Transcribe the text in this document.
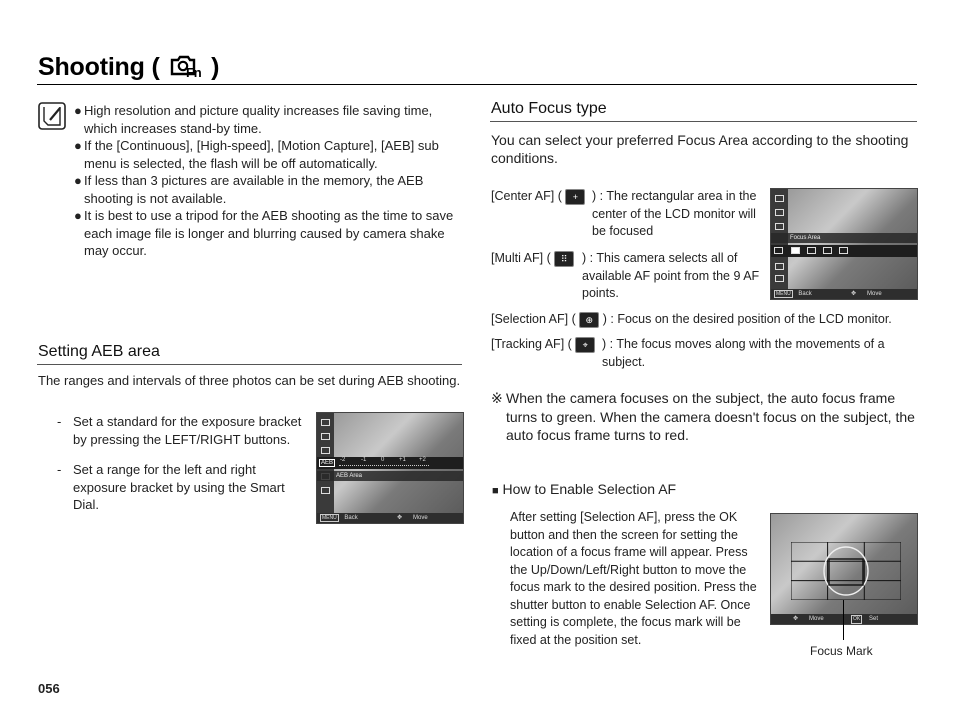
Shooting ( Fn )
● High resolution and picture quality increases file saving time, which increases stand-by time.
● If the [Continuous], [High-speed], [Motion Capture], [AEB] sub menu is selected, the flash will be off automatically.
● If less than 3 pictures are available in the memory, the AEB shooting is not available.
● It is best to use a tripod for the AEB shooting as the time to save each image file is longer and blurring caused by camera shake may occur.
Setting AEB area
The ranges and intervals of three photos can be set during AEB shooting.
- Set a standard for the exposure bracket by pressing the LEFT/RIGHT buttons.
- Set a range for the left and right exposure bracket by using the Smart Dial.
AEB	-2	-1 0 +1 +2
AEB Area
MENU Back	✥ Move
Auto Focus type
You can select your preferred Focus Area according to the shooting conditions.
[Center AF] (	+	) : The rectangular area in the center of the LCD monitor will be focused
[Multi AF] (	⠿	) : This camera selects all of available AF point from the 9 AF points.
Focus Area
MENU Back	✥ Move
[Selection AF] (	⊕ ) : Focus on the desired position of the LCD monitor.
[Tracking AF] (	⌖	) : The focus moves along with the movements of a subject.
※ When the camera focuses on the subject, the auto focus frame turns to green. When the camera doesn't focus on the subject, the auto focus frame turns to red.
■ How to Enable Selection AF
After setting [Selection AF], press the OK button and then the screen for setting the location of a focus frame will appear. Press the Up/Down/Left/Right button to move the focus mark to the desired position. Press the shutter button to enable Selection AF. Once setting is complete, the focus mark will be fixed at the position set.
✥ Move	OK	Set
Focus Mark
056
